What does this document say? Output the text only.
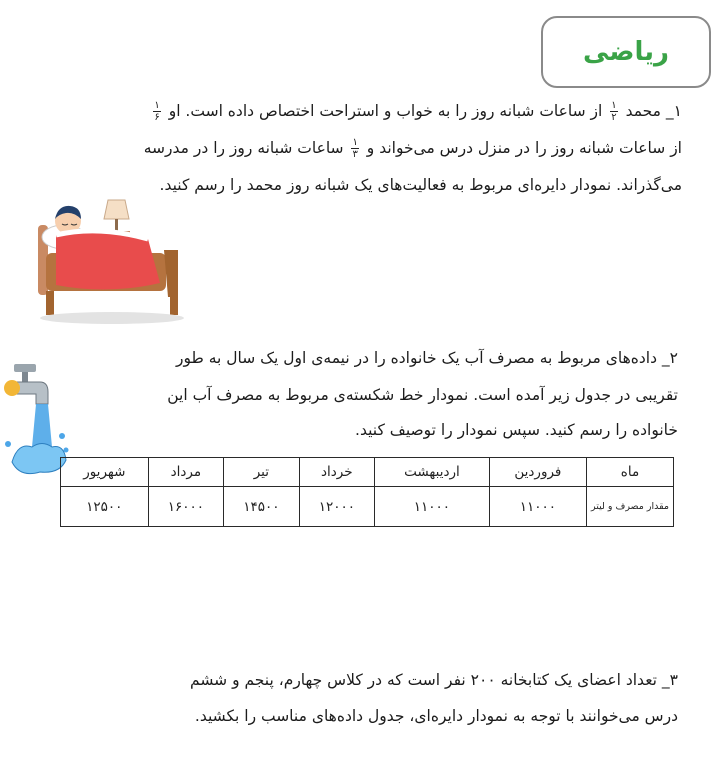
ریاضی
۱_ محمد
$\frac{۱}{۲}$
از ساعات شبانه روز را به خواب و استراحت اختصاص داده است. او
$\frac{۱}{۶}$
از ساعات شبانه روز را در منزل درس می‌خواند و
$\frac{۱}{۳}$
ساعات شبانه روز را در مدرسه
می‌گذراند. نمودار دایره‌ای مربوط به فعالیت‌های یک شبانه روز محمد را رسم کنید.
۲_ داده‌های مربوط به مصرف آب یک خانواده را در نیمه‌ی اول یک سال به طور
تقریبی در جدول زیر آمده است. نمودار خط شکسته‌ی مربوط به مصرف آب این
خانواده را رسم کنید. سپس نمودار را توصیف کنید.
ماه	فروردین	اردیبهشت	خرداد	تیر	مرداد	شهریور
مقدار مصرف و لیتر	۱۱۰۰۰	۱۱۰۰۰	۱۲۰۰۰	۱۴۵۰۰	۱۶۰۰۰	۱۲۵۰۰
۳_ تعداد اعضای یک کتابخانه ۲۰۰ نفر است که در کلاس چهارم، پنجم و ششم
درس می‌خوانند با توجه به نمودار دایره‌ای، جدول داده‌های مناسب را بکشید.
